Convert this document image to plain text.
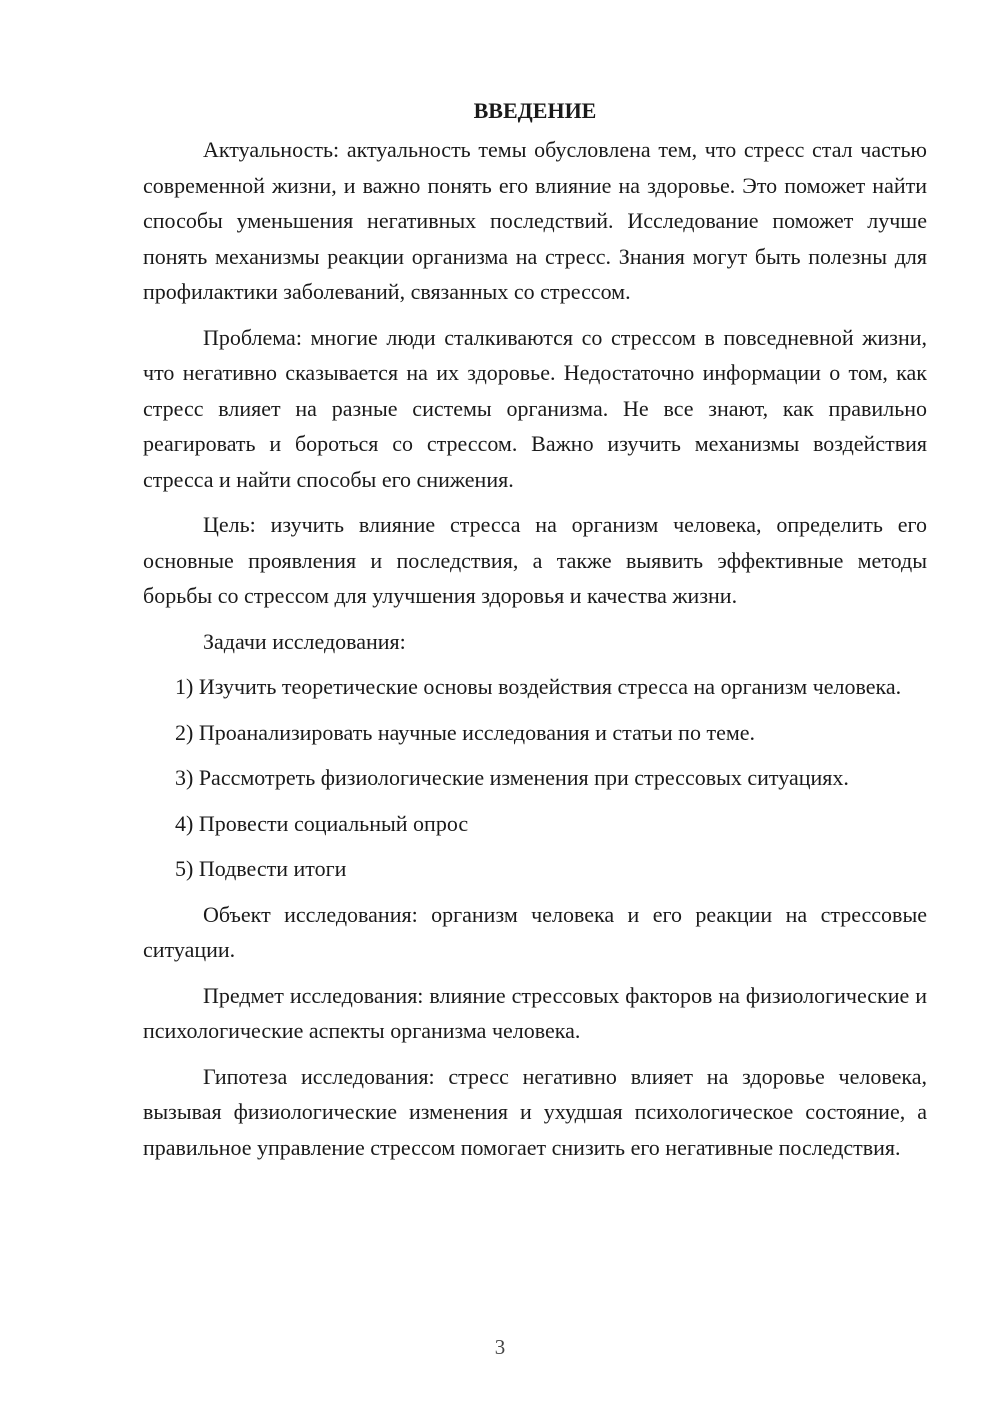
ВВЕДЕНИЕ

Актуальность: актуальность темы обусловлена тем, что стресс стал частью современной жизни, и важно понять его влияние на здоровье. Это поможет найти способы уменьшения негативных последствий. Исследование поможет лучше понять механизмы реакции организма на стресс. Знания могут быть полезны для профилактики заболеваний, связанных со стрессом.

Проблема: многие люди сталкиваются со стрессом в повседневной жизни, что негативно сказывается на их здоровье. Недостаточно информации о том, как стресс влияет на разные системы организма. Не все знают, как правильно реагировать и бороться со стрессом. Важно изучить механизмы воздействия стресса и найти способы его снижения.

Цель: изучить влияние стресса на организм человека, определить его основные проявления и последствия, а также выявить эффективные методы борьбы со стрессом для улучшения здоровья и качества жизни.

Задачи исследования:

1) Изучить теоретические основы воздействия стресса на организм человека.

2) Проанализировать научные исследования и статьи по теме.

3) Рассмотреть физиологические изменения при стрессовых ситуациях.

4) Провести социальный опрос

5) Подвести итоги

Объект исследования: организм человека и его реакции на стрессовые ситуации.

Предмет исследования: влияние стрессовых факторов на физиологические и психологические аспекты организма человека.

Гипотеза исследования: стресс негативно влияет на здоровье человека, вызывая физиологические изменения и ухудшая психологическое состояние, а правильное управление стрессом помогает снизить его негативные последствия.

3
